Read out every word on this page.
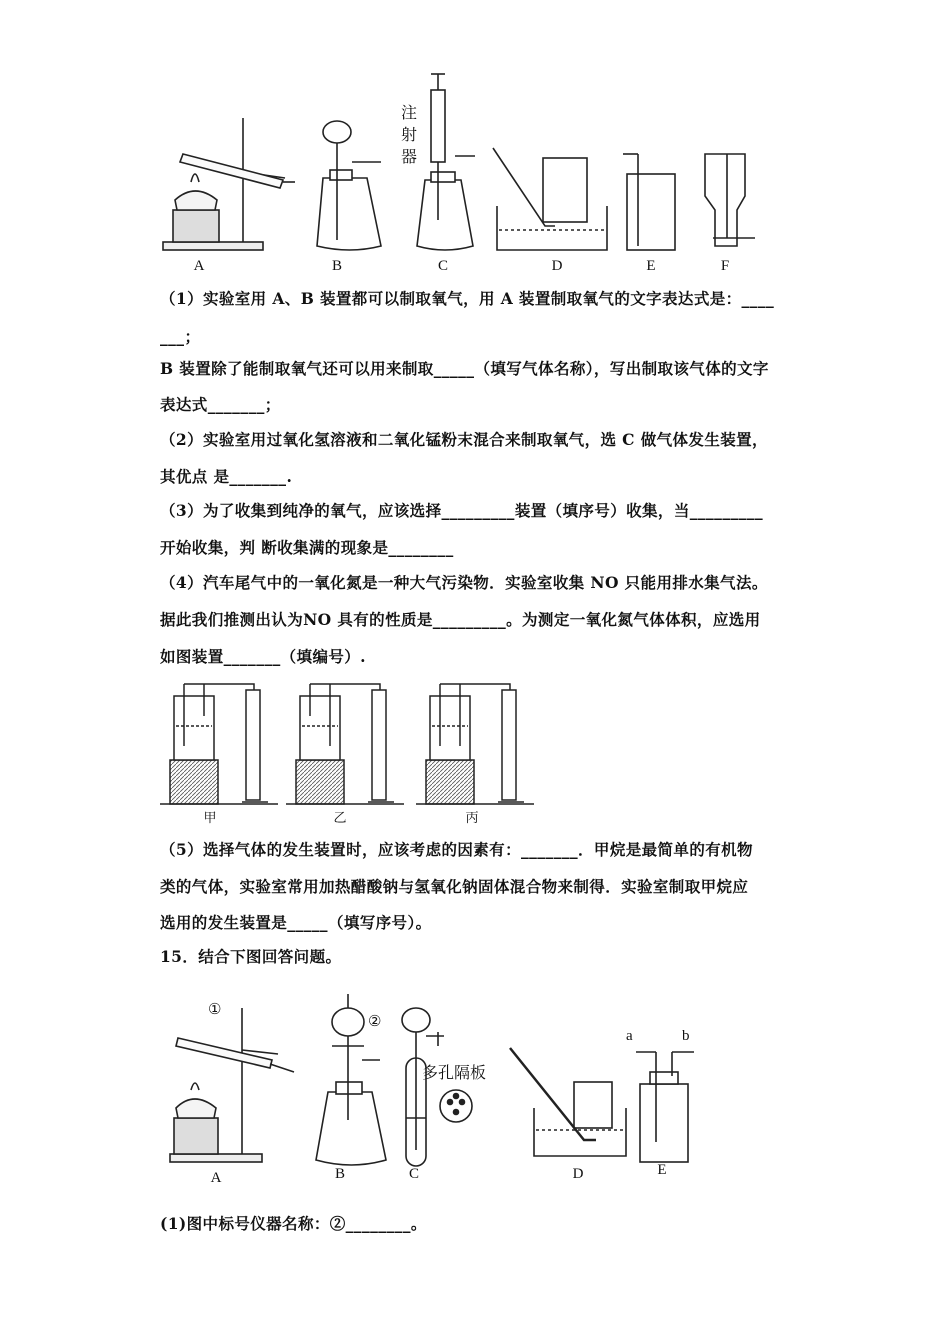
A	B	C	D	E	F
注
射
器
（1）实验室用 A、B 装置都可以制取氧气，用 A 装置制取氧气的文字表达式是：____
___；
B 装置除了能制取氧气还可以用来制取_____（填写气体名称），写出制取该气体的文字
表达式_______；
（2）实验室用过氧化氢溶液和二氧化锰粉末混合来制取氧气，选 C 做气体发生装置，
其优点 是_______.
（3）为了收集到纯净的氧气，应该选择_________装置（填序号）收集，当_________
开始收集，判 断收集满的现象是________
（4）汽车尾气中的一氧化氮是一种大气污染物．实验室收集 NO 只能用排水集气法。
据此我们推测出认为NO 具有的性质是_________。为测定一氧化氮气体体积，应选用
如图装置_______（填编号）.
甲	乙	丙
（5）选择气体的发生装置时，应该考虑的因素有：_______．甲烷是最简单的有机物
类的气体，实验室常用加热醋酸钠与氢氧化钠固体混合物来制得．实验室制取甲烷应
选用的发生装置是_____（填写序号）。
15．结合下图回答问题。
A	B	C	D	E
①
②
多孔隔板
a	b
(1)图中标号仪器名称：②________。
